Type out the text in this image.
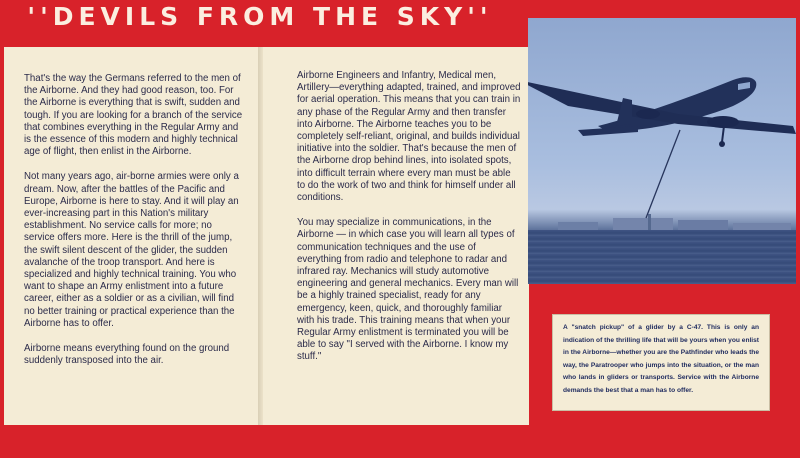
''DEVILS FROM THE SKY''

That's the way the Germans referred to the men of the Airborne. And they had good reason, too. For the Airborne is everything that is swift, sudden and tough. If you are looking for a branch of the service that combines everything in the Regular Army and is the essence of this modern and highly technical age of flight, then enlist in the Airborne.

Not many years ago, air-borne armies were only a dream. Now, after the battles of the Pacific and Europe, Airborne is here to stay. And it will play an ever-increasing part in this Nation's military establishment. No service calls for more; no service offers more. Here is the thrill of the jump, the swift silent descent of the glider, the sudden avalanche of the troop transport. And here is specialized and highly technical training. You who want to shape an Army enlistment into a future career, either as a soldier or as a civilian, will find no better training or practical experience than the Airborne has to offer.

Airborne means everything found on the ground suddenly transposed into the air.

Airborne Engineers and Infantry, Medical men, Artillery—everything adapted, trained, and improved for aerial operation. This means that you can train in any phase of the Regular Army and then transfer into Airborne. The Airborne teaches you to be completely self-reliant, original, and builds individual initiative into the soldier. That's because the men of the Airborne drop behind lines, into isolated spots, into difficult terrain where every man must be able to do the work of two and think for himself under all conditions.

You may specialize in communications, in the Airborne — in which case you will learn all types of communication techniques and the use of everything from radio and telephone to radar and infrared ray. Mechanics will study automotive engineering and general mechanics. Every man will be a highly trained specialist, ready for any emergency, keen, quick, and thoroughly familiar with his trade. This training means that when your Regular Army enlistment is terminated you will be able to say "I served with the Airborne. I know my stuff."

A "snatch pickup" of a glider by a C-47. This is only an indication of the thrilling life that will be yours when you enlist in the Airborne—whether you are the Pathfinder who leads the way, the Paratrooper who jumps into the situation, or the man who lands in gliders or transports. Service with the Airborne demands the best that a man has to offer.
